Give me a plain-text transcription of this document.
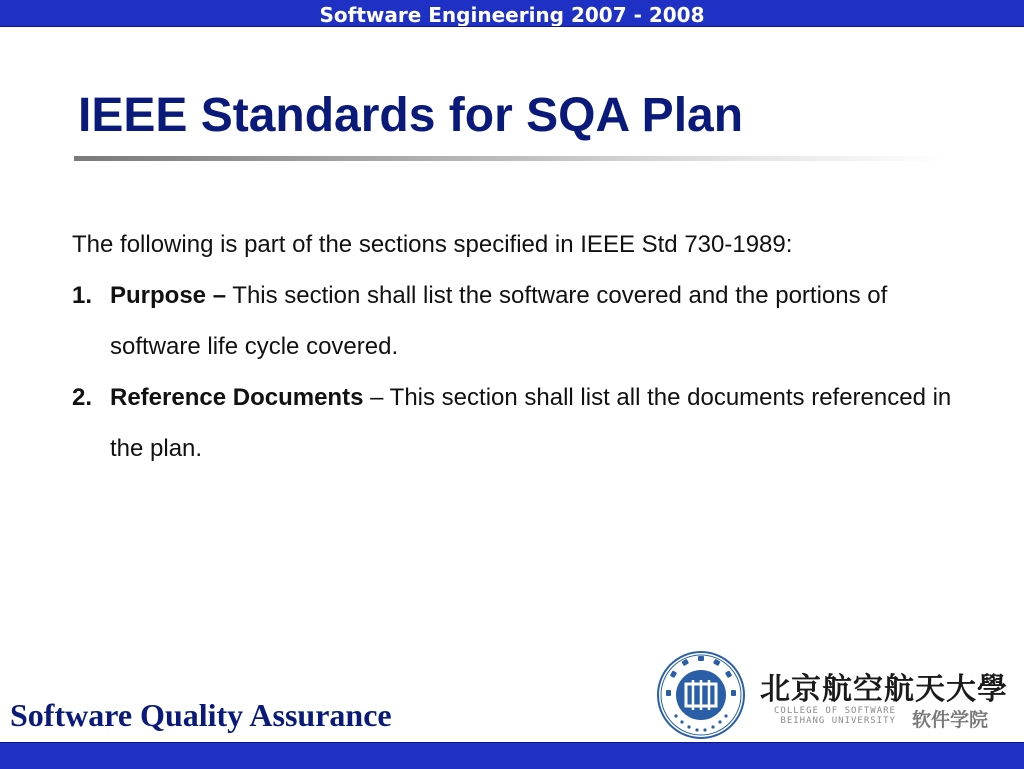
Software Engineering 2007 - 2008
IEEE Standards for SQA Plan

The following is part of the sections specified in IEEE Std 730-1989:

1. Purpose – This section shall list the software covered and the portions of software life cycle covered.
2. Reference Documents – This section shall list all the documents referenced in the plan.
Software Quality Assurance
北京航空航天大學
COLLEGE OF SOFTWARE
BEIHANG UNIVERSITY 软件学院
